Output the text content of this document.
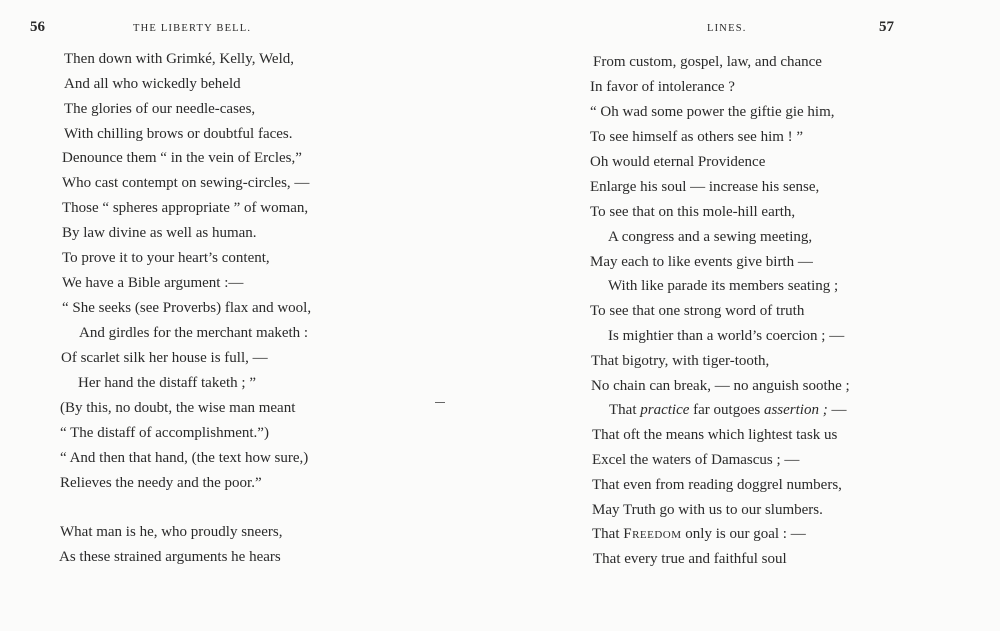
56	THE LIBERTY BELL.
Then down with Grimké, Kelly, Weld,
And all who wickedly beheld
The glories of our needle-cases,
With chilling brows or doubtful faces.
Denounce them “ in the vein of Ercles,”
Who cast contempt on sewing-circles, —
Those “ spheres appropriate ” of woman,
By law divine as well as human.
To prove it to your heart’s content,
We have a Bible argument :—
“ She seeks (see Proverbs) flax and wool,
And girdles for the merchant maketh :
Of scarlet silk her house is full, —
Her hand the distaff taketh ; ”
(By this, no doubt, the wise man meant
“ The distaff of accomplishment.”)
“ And then that hand, (the text how sure,)
Relieves the needy and the poor.”
What man is he, who proudly sneers,
As these strained arguments he hears
LINES.	57
From custom, gospel, law, and chance
In favor of intolerance ?
“ Oh wad some power the giftie gie him,
To see himself as others see him ! ”
Oh would eternal Providence
Enlarge his soul — increase his sense,
To see that on this mole-hill earth,
A congress and a sewing meeting,
May each to like events give birth —
With like parade its members seating ;
To see that one strong word of truth
Is mightier than a world’s coercion ; —
That bigotry, with tiger-tooth,
No chain can break, — no anguish soothe ;
That practice far outgoes assertion ; —
That oft the means which lightest task us
Excel the waters of Damascus ; —
That even from reading doggrel numbers,
May Truth go with us to our slumbers.
That Freedom only is our goal : —
That every true and faithful soul
